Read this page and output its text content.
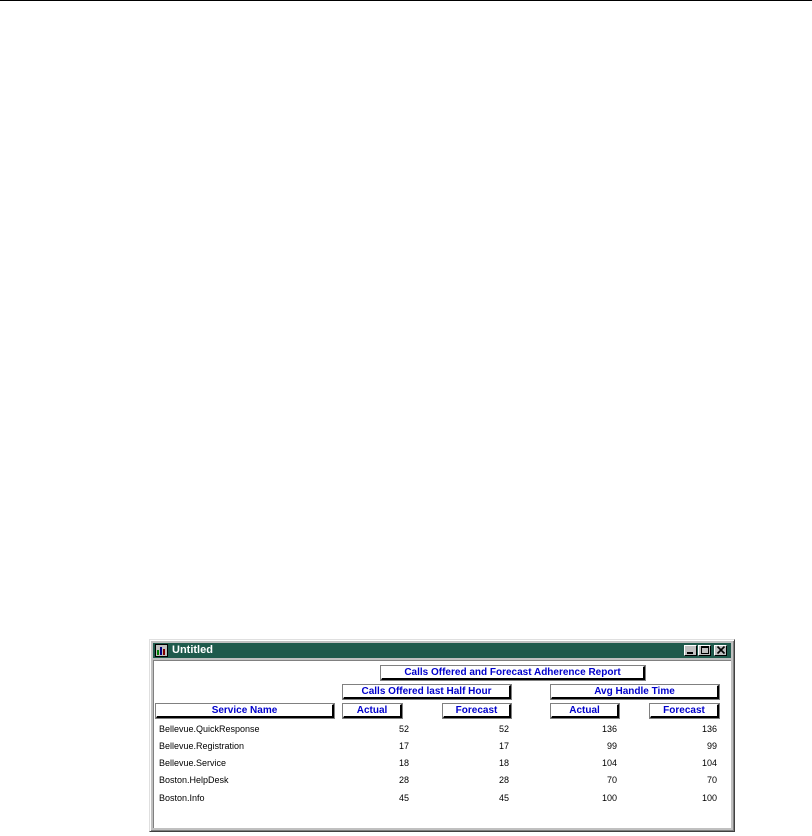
Untitled
Calls Offered and Forecast Adherence Report
Calls Offered last Half Hour	Avg Handle Time
Service Name	Actual	Forecast	Actual	Forecast
Bellevue.QuickResponse	52	52	136	136
Bellevue.Registration	17	17	99	99
Bellevue.Service	18	18	104	104
Boston.HelpDesk	28	28	70	70
Boston.Info	45	45	100	100
